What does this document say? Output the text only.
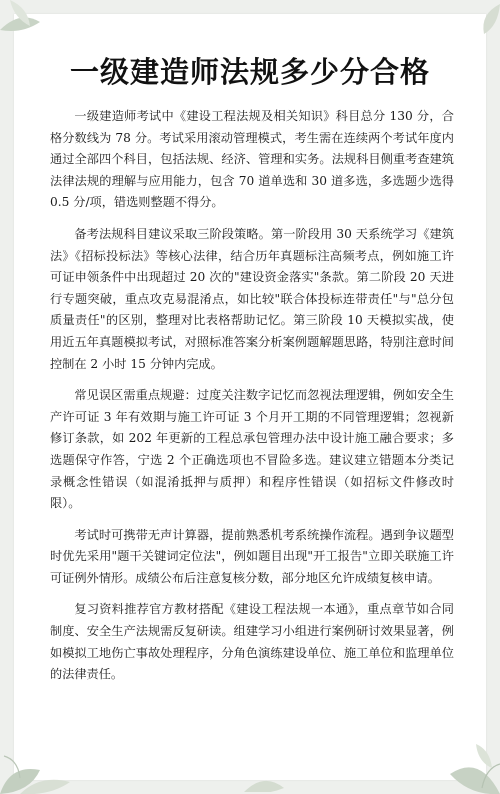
一级建造师法规多少分合格

一级建造师考试中《建设工程法规及相关知识》科目总分 130 分，合格分数线为 78 分。考试采用滚动管理模式，考生需在连续两个考试年度内通过全部四个科目，包括法规、经济、管理和实务。法规科目侧重考查建筑法律法规的理解与应用能力，包含 70 道单选和 30 道多选，多选题少选得 0.5 分/项，错选则整题不得分。

备考法规科目建议采取三阶段策略。第一阶段用 30 天系统学习《建筑法》《招标投标法》等核心法律，结合历年真题标注高频考点，例如施工许可证申领条件中出现超过 20 次的"建设资金落实"条款。第二阶段 20 天进行专题突破，重点攻克易混淆点，如比较"联合体投标连带责任"与"总分包质量责任"的区别，整理对比表格帮助记忆。第三阶段 10 天模拟实战，使用近五年真题模拟考试，对照标准答案分析案例题解题思路，特别注意时间控制在 2 小时 15 分钟内完成。

常见误区需重点规避：过度关注数字记忆而忽视法理逻辑，例如安全生产许可证 3 年有效期与施工许可证 3 个月开工期的不同管理逻辑；忽视新修订条款，如 202 年更新的工程总承包管理办法中设计施工融合要求；多选题保守作答，宁选 2 个正确选项也不冒险多选。建议建立错题本分类记录概念性错误（如混淆抵押与质押）和程序性错误（如招标文件修改时限）。

考试时可携带无声计算器，提前熟悉机考系统操作流程。遇到争议题型时优先采用"题干关键词定位法"，例如题目出现"开工报告"立即关联施工许可证例外情形。成绩公布后注意复核分数，部分地区允许成绩复核申请。

复习资料推荐官方教材搭配《建设工程法规一本通》，重点章节如合同制度、安全生产法规需反复研读。组建学习小组进行案例研讨效果显著，例如模拟工地伤亡事故处理程序，分角色演练建设单位、施工单位和监理单位的法律责任。
